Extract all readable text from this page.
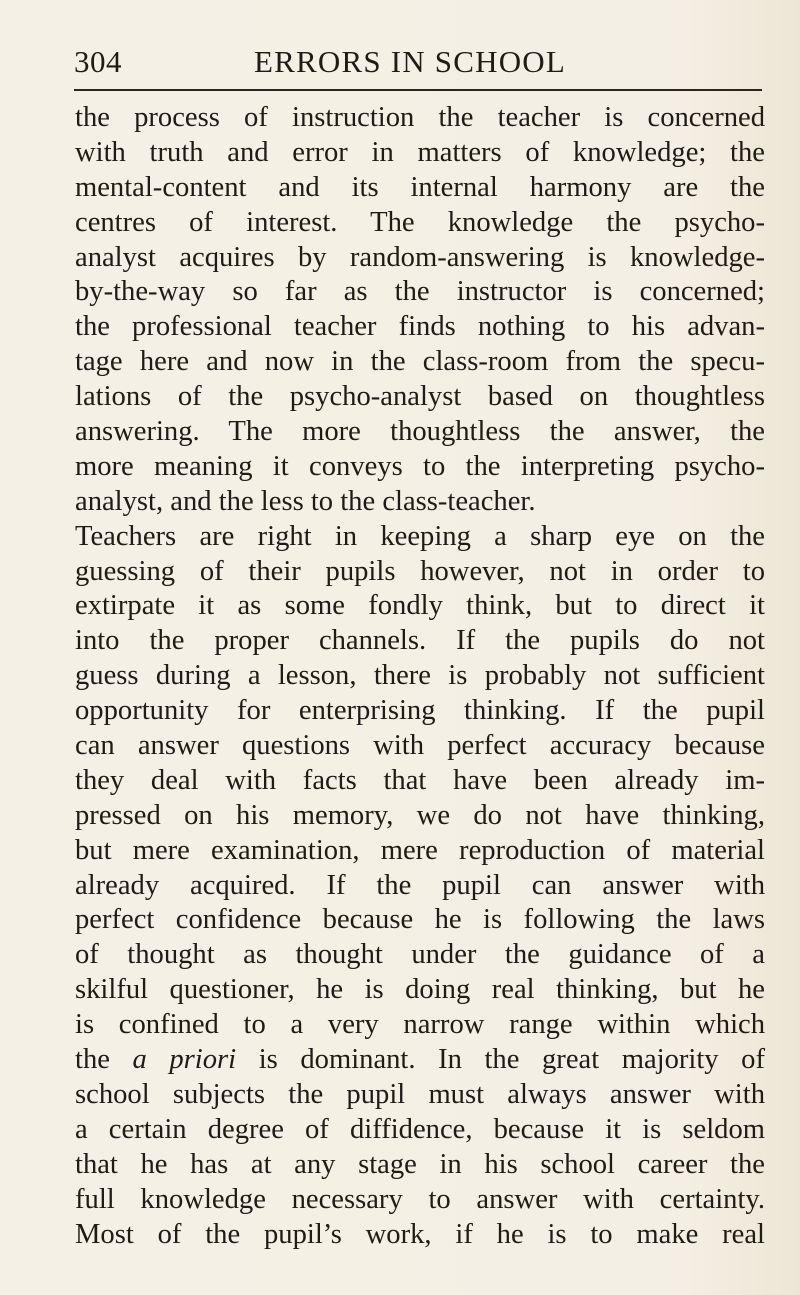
304	ERRORS IN SCHOOL
the process of instruction the teacher is concerned
with truth and error in matters of knowledge; the
mental-content and its internal harmony are the
centres of interest. The knowledge the psycho-
analyst acquires by random-answering is knowledge-
by-the-way so far as the instructor is concerned;
the professional teacher finds nothing to his advan-
tage here and now in the class-room from the specu-
lations of the psycho-analyst based on thoughtless
answering. The more thoughtless the answer, the
more meaning it conveys to the interpreting psycho-
analyst, and the less to the class-teacher.
Teachers are right in keeping a sharp eye on the
guessing of their pupils however, not in order to
extirpate it as some fondly think, but to direct it
into the proper channels. If the pupils do not
guess during a lesson, there is probably not sufficient
opportunity for enterprising thinking. If the pupil
can answer questions with perfect accuracy because
they deal with facts that have been already im-
pressed on his memory, we do not have thinking,
but mere examination, mere reproduction of material
already acquired. If the pupil can answer with
perfect confidence because he is following the laws
of thought as thought under the guidance of a
skilful questioner, he is doing real thinking, but he
is confined to a very narrow range within which
the a priori is dominant. In the great majority of
school subjects the pupil must always answer with
a certain degree of diffidence, because it is seldom
that he has at any stage in his school career the
full knowledge necessary to answer with certainty.
Most of the pupil’s work, if he is to make real
